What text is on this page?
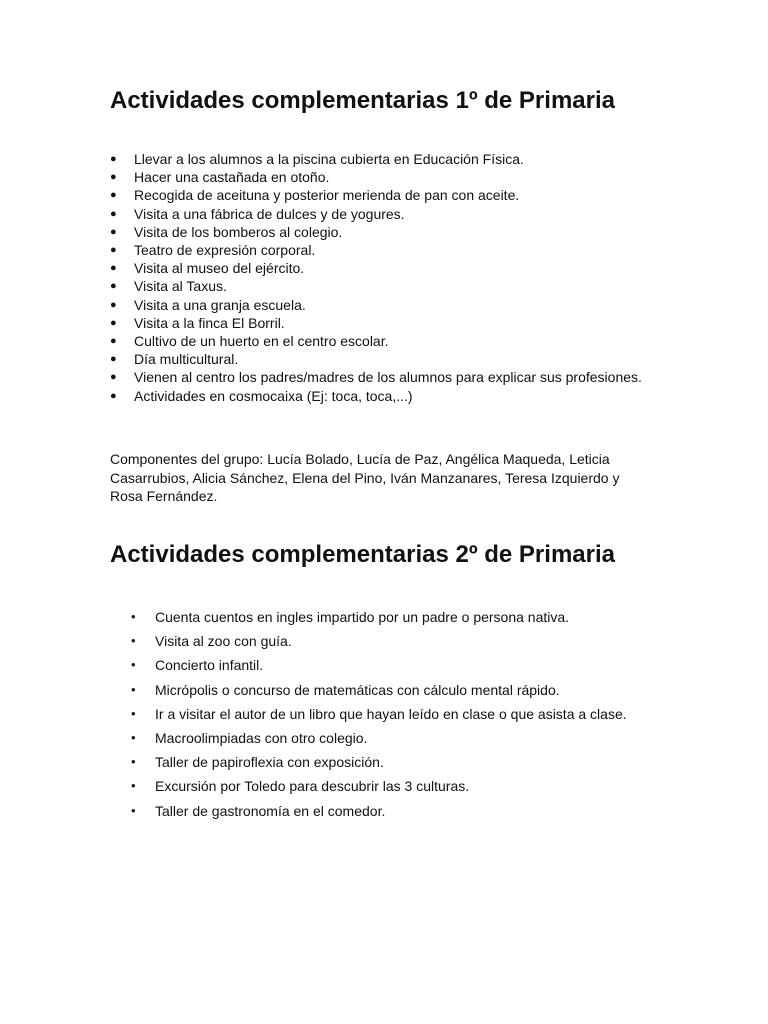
Actividades complementarias 1º de Primaria
● Llevar a los alumnos a la piscina cubierta en Educación Física.
● Hacer una castañada en otoño.
● Recogida de aceituna y posterior merienda de pan con aceite.
● Visita a una fábrica de dulces y de yogures.
● Visita de los bomberos al colegio.
● Teatro de expresión corporal.
● Visita al museo del ejército.
● Visita al Taxus.
● Visita a una granja escuela.
● Visita a la finca El Borril.
● Cultivo de un huerto en el centro escolar.
● Día multicultural.
● Vienen al centro los padres/madres de los alumnos para explicar sus profesiones.
● Actividades en cosmocaixa (Ej: toca, toca,...)

Componentes del grupo: Lucía Bolado, Lucía de Paz, Angélica Maqueda, Leticia Casarrubios, Alicia Sánchez, Elena del Pino, Iván Manzanares, Teresa Izquierdo y Rosa Fernández.

Actividades complementarias 2º de Primaria
• Cuenta cuentos en ingles impartido por un padre o persona nativa.
• Visita al zoo con guía.
• Concierto infantil.
• Micrópolis o concurso de matemáticas con cálculo mental rápido.
• Ir a visitar el autor de un libro que hayan leído en clase o que asista a clase.
• Macroolimpiadas con otro colegio.
• Taller de papiroflexia con exposición.
• Excursión por Toledo para descubrir las 3 culturas.
• Taller de gastronomía en el comedor.
